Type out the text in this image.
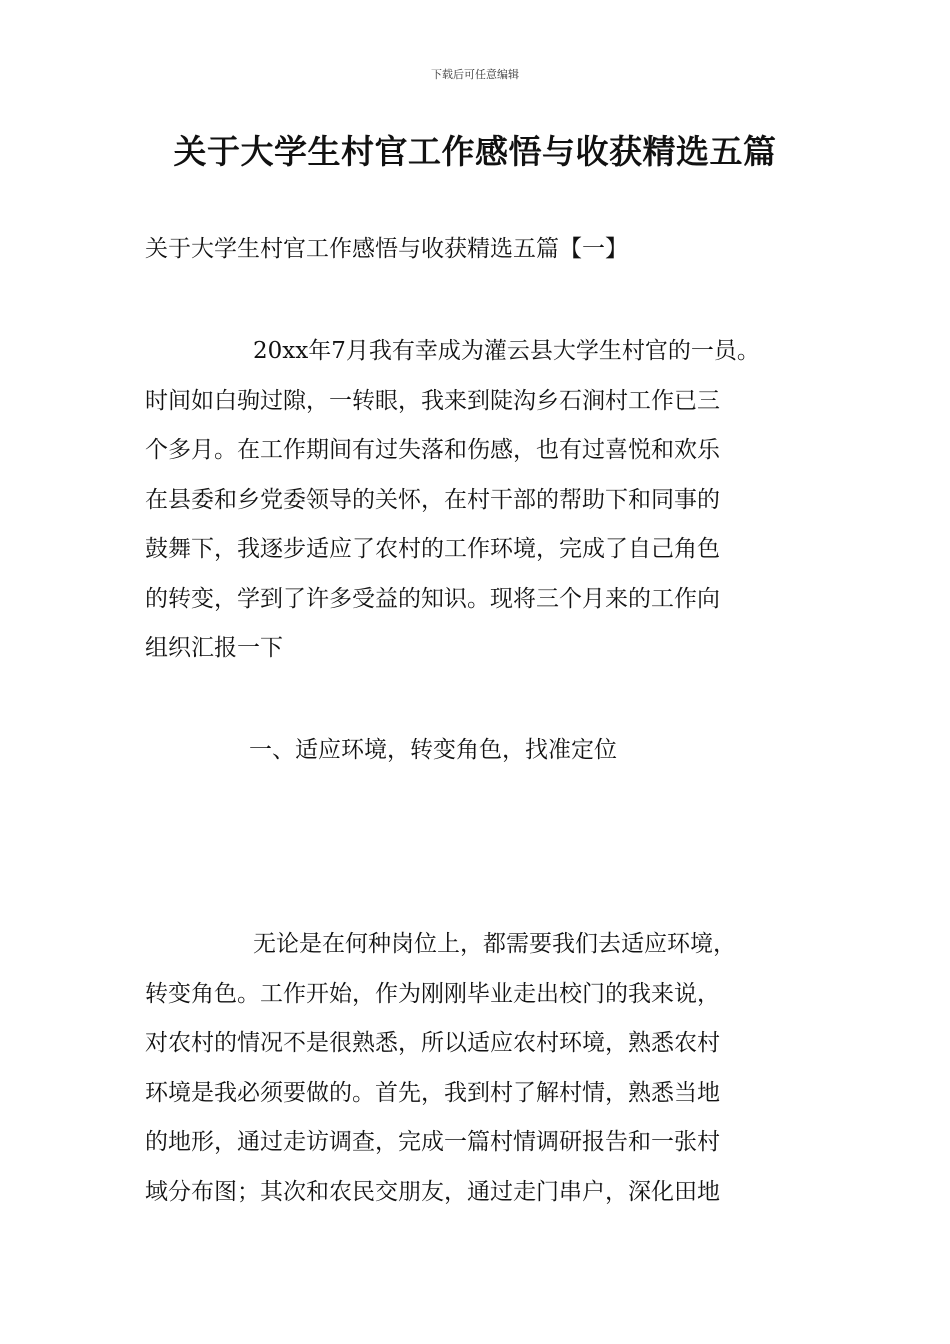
下载后可任意编辑
关于大学生村官工作感悟与收获精选五篇
关于大学生村官工作感悟与收获精选五篇【一】
20xx年7月我有幸成为灌云县大学生村官的一员。
时间如白驹过隙，一转眼，我来到陡沟乡石涧村工作已三
个多月。在工作期间有过失落和伤感，也有过喜悦和欢乐
在县委和乡党委领导的关怀，在村干部的帮助下和同事的
鼓舞下，我逐步适应了农村的工作环境，完成了自己角色
的转变，学到了许多受益的知识。现将三个月来的工作向
组织汇报一下
一、适应环境，转变角色，找准定位
无论是在何种岗位上，都需要我们去适应环境，
转变角色。工作开始，作为刚刚毕业走出校门的我来说，
对农村的情况不是很熟悉，所以适应农村环境，熟悉农村
环境是我必须要做的。首先，我到村了解村情，熟悉当地
的地形，通过走访调查，完成一篇村情调研报告和一张村
域分布图；其次和农民交朋友，通过走门串户，深化田地
